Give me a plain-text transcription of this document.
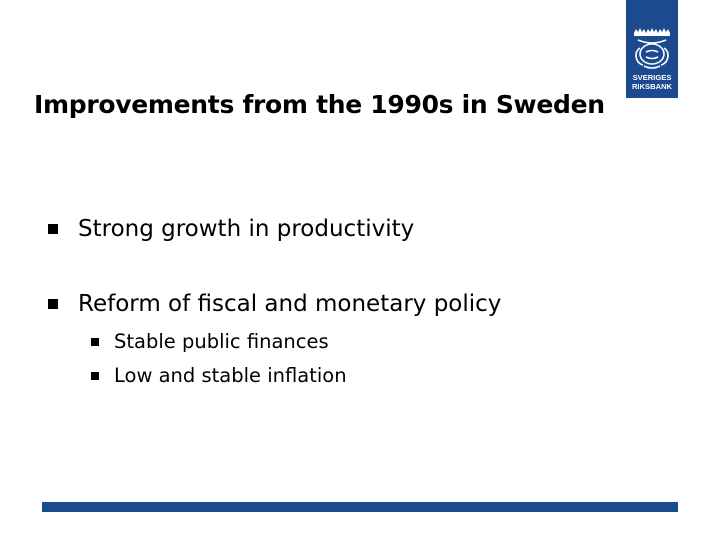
Improvements from the 1990s in Sweden
SVERIGES
RIKSBANK
Strong growth in productivity
Reform of fiscal and monetary policy
Stable public finances
Low and stable inflation
